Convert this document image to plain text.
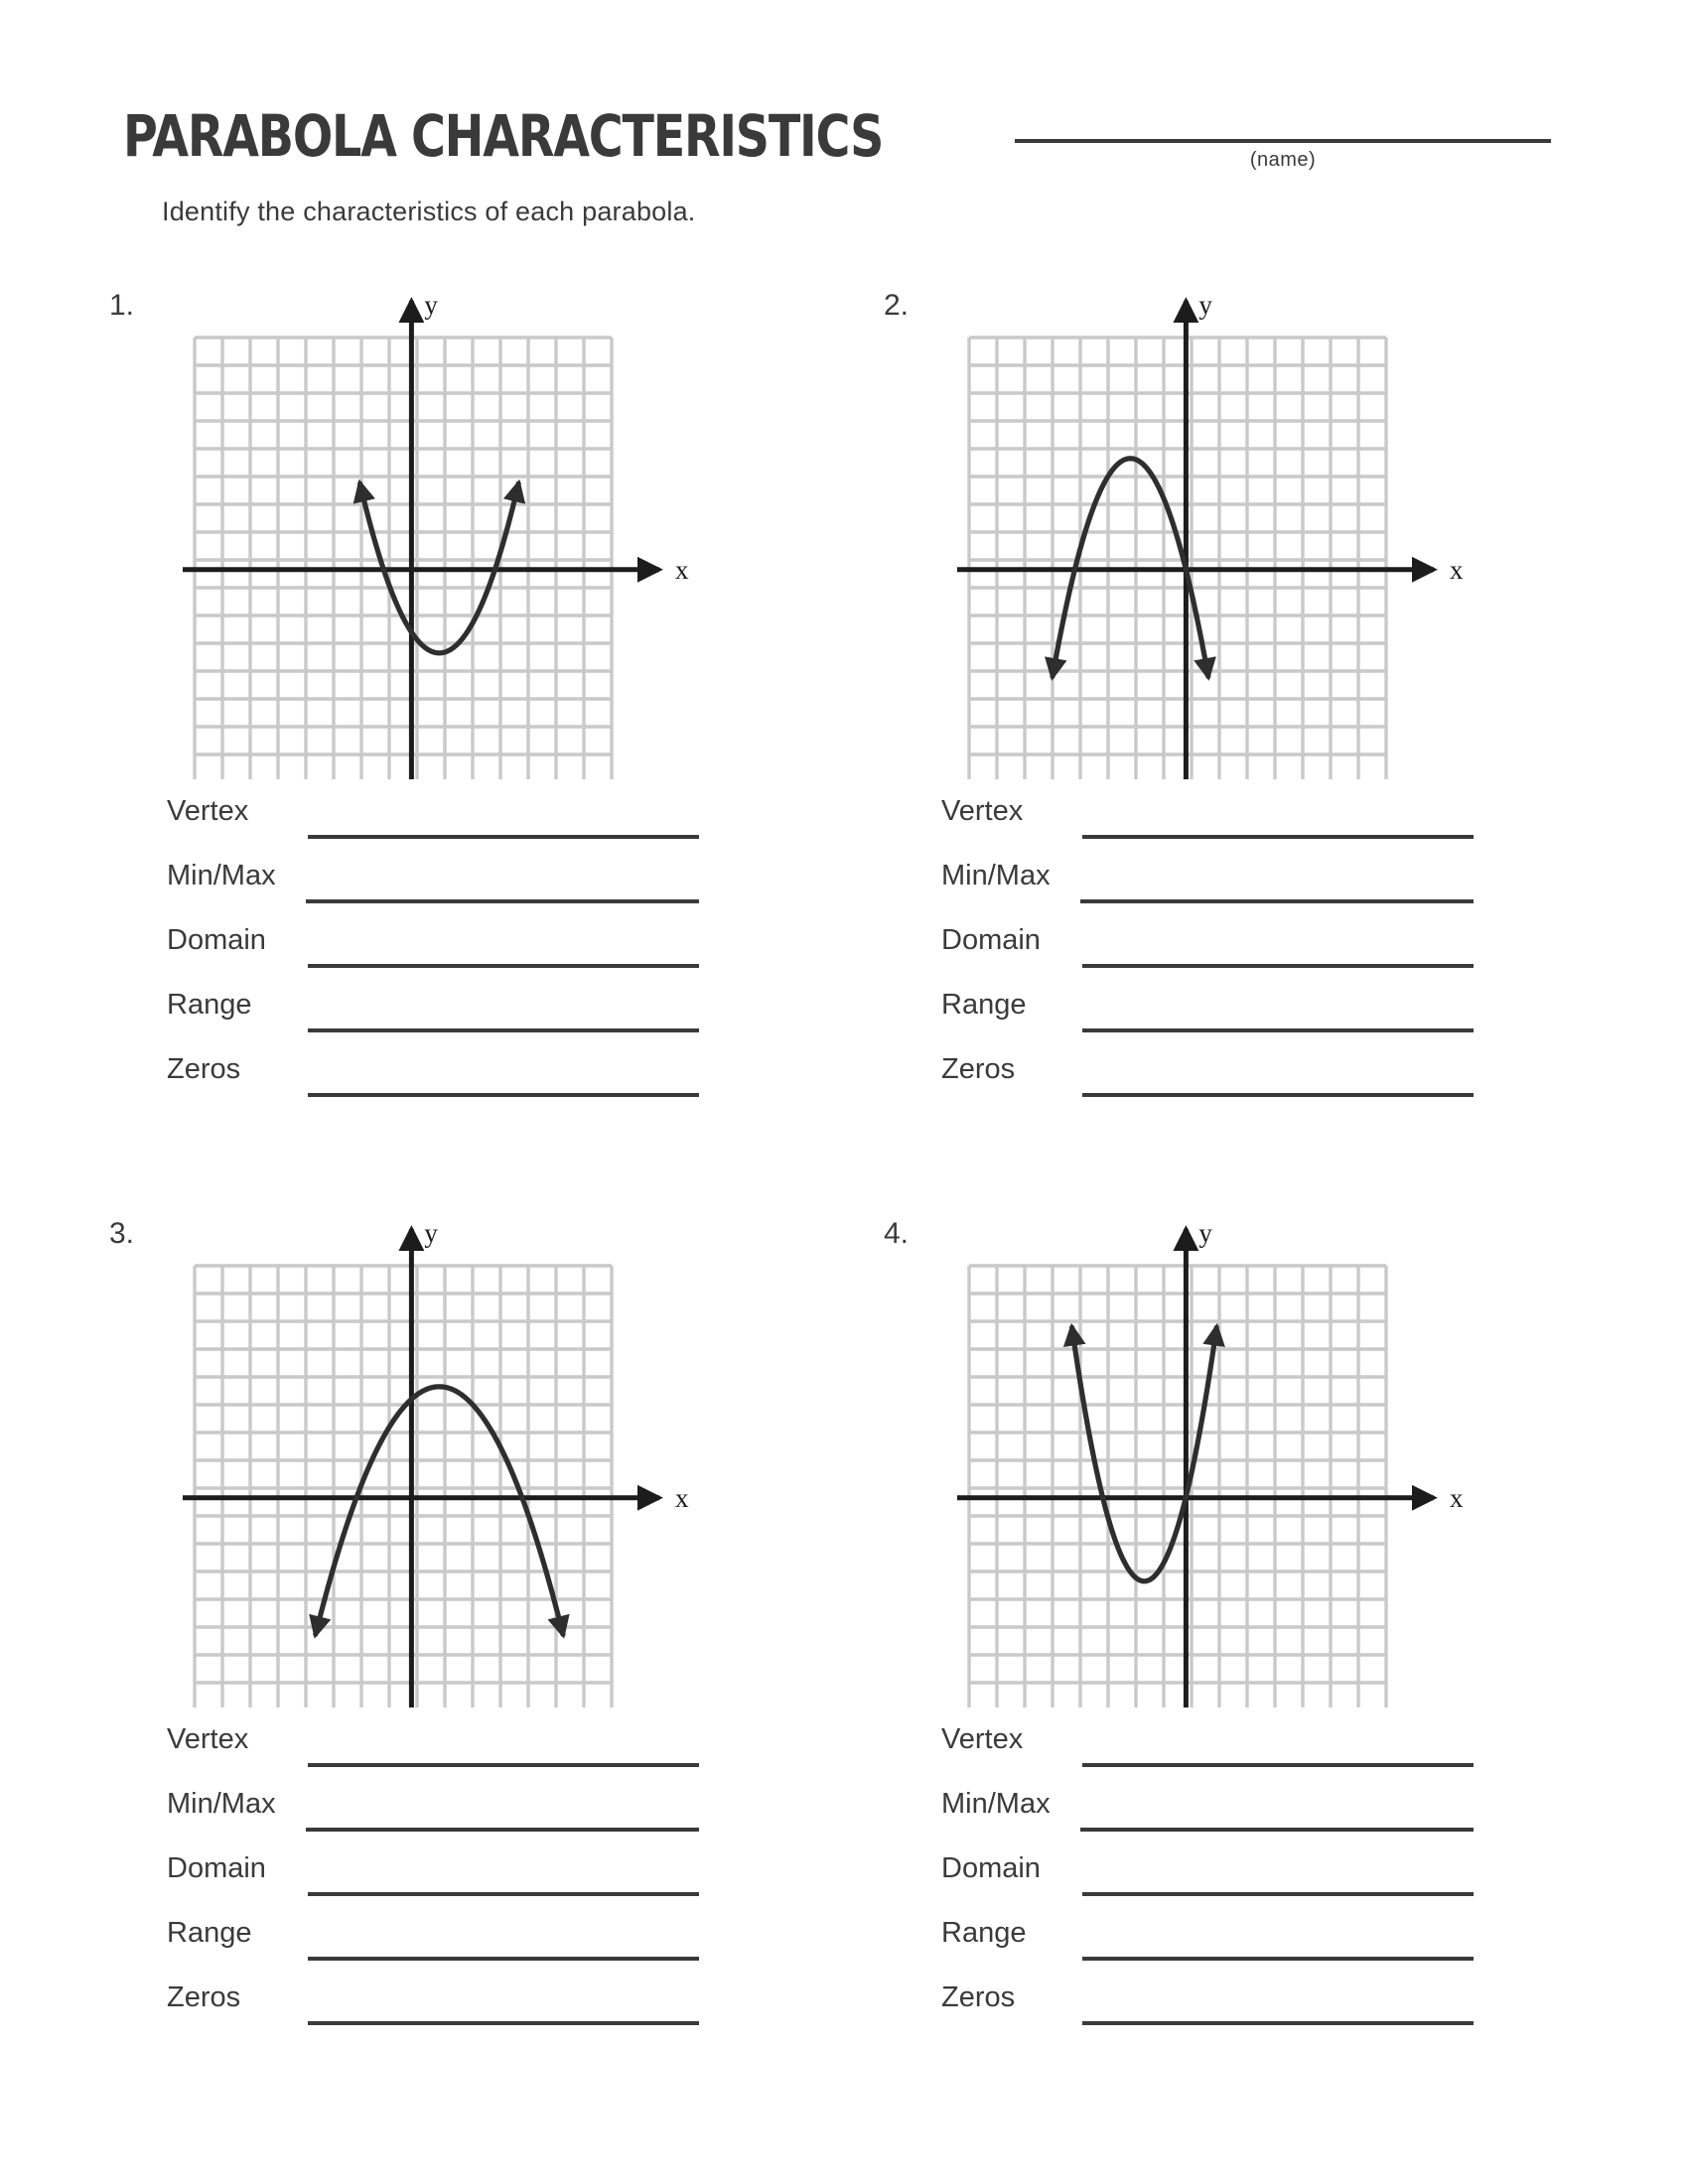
PARABOLA CHARACTERISTICS	(name)
Identify the characteristics of each parabola.
1.
x
y
Vertex
Min/Max
Domain
Range
Zeros
2.
x
y
Vertex
Min/Max
Domain
Range
Zeros
3.
x
y
Vertex
Min/Max
Domain
Range
Zeros
4.
x
y
Vertex
Min/Max
Domain
Range
Zeros
